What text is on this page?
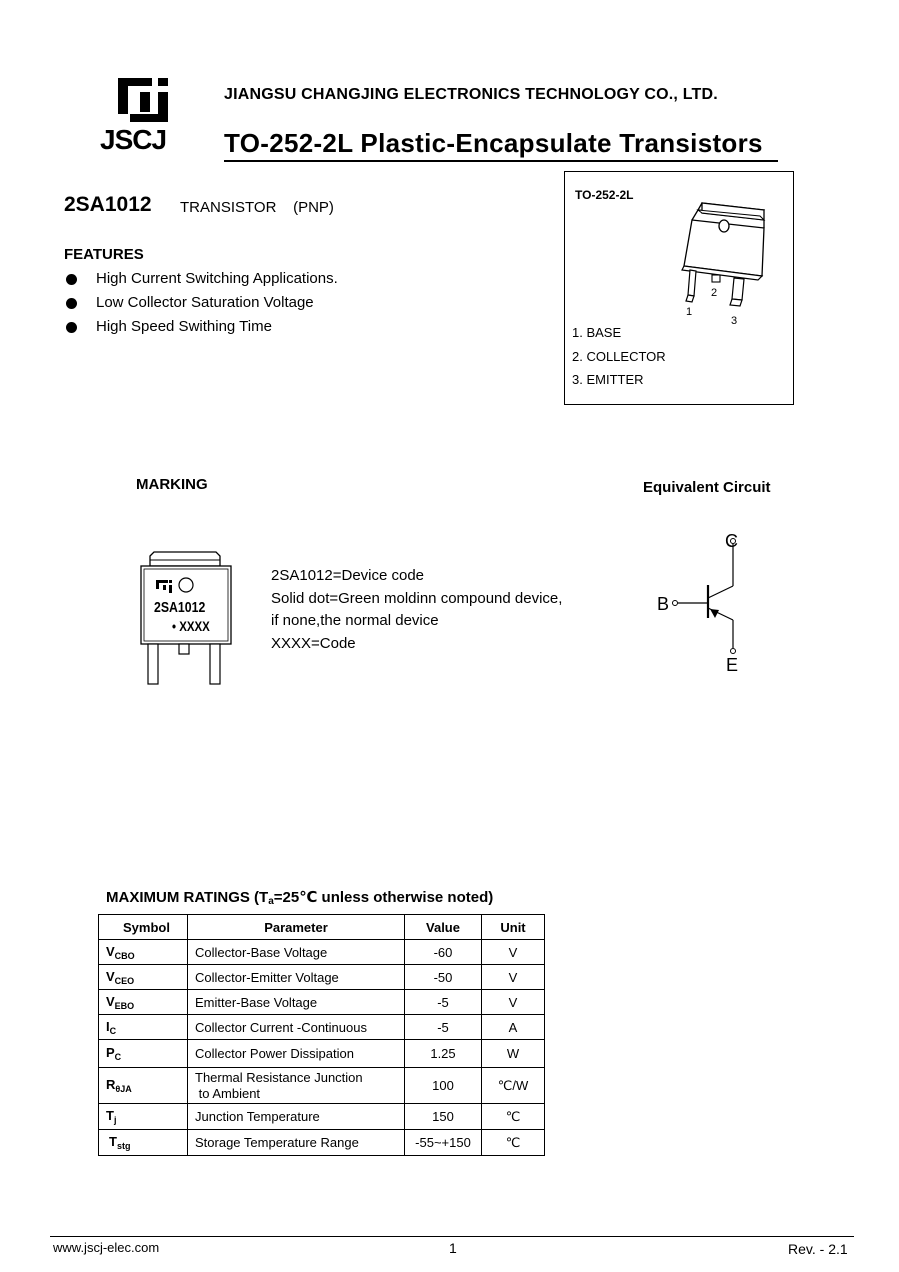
JSCJ
JIANGSU CHANGJING ELECTRONICS TECHNOLOGY CO., LTD.
TO-252-2L Plastic-Encapsulate Transistors
2SA1012 TRANSISTOR    (PNP)
FEATURES
High Current Switching Applications.
Low Collector Saturation Voltage
High Speed Swithing Time
TO-252-2L
1
2
3
1. BASE
2. COLLECTOR
3. EMITTER
MARKING
2SA1012
• XXXX
2SA1012=Device code
Solid dot=Green moldinn compound device,
if none,the normal device
XXXX=Code
Equivalent Circuit
C
B
E
MAXIMUM RATINGS (Ta=25℃ unless otherwise noted)
Symbol	Parameter	Value	Unit
$V_{CBO}$	Collector-Base Voltage	-60	V
$V_{CEO}$	Collector-Emitter Voltage	-50	V
$V_{EBO}$	Emitter-Base Voltage	-5	V
$I_C$	Collector Current -Continuous	-5	A
$P_C$	Collector Power Dissipation	1.25	W
$R_{\theta JA}$	Thermal Resistance Junction
to Ambient	100	℃/W
$T_j$	Junction Temperature	150	℃
$T_{stg}$	Storage Temperature Range	-55~+150	℃
www.jscj-elec.com	1	Rev. - 2.1
